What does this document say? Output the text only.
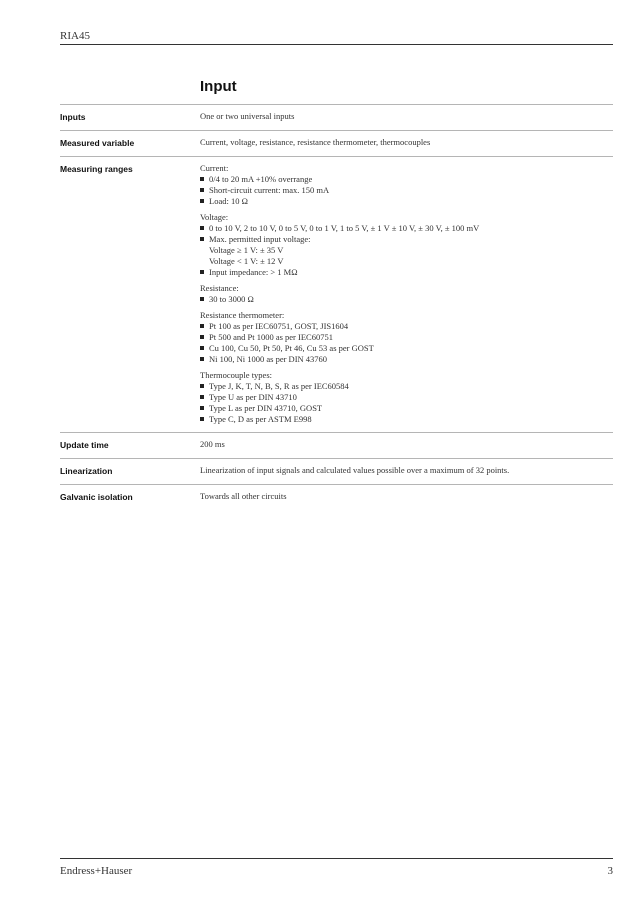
RIA45
Input
Inputs	One or two universal inputs
Measured variable	Current, voltage, resistance, resistance thermometer, thermocouples
Measuring ranges	Current:
0/4 to 20 mA +10% overrange
Short-circuit current: max. 150 mA
Load: 10 Ω
Voltage:
0 to 10 V, 2 to 10 V, 0 to 5 V, 0 to 1 V, 1 to 5 V, ± 1 V ± 10 V, ± 30 V, ± 100 mV
Max. permitted input voltage:
Voltage ≥ 1 V: ± 35 V
Voltage < 1 V: ± 12 V
Input impedance: > 1 MΩ
Resistance:
30 to 3000 Ω
Resistance thermometer:
Pt 100 as per IEC60751, GOST, JIS1604
Pt 500 and Pt 1000 as per IEC60751
Cu 100, Cu 50, Pt 50, Pt 46, Cu 53 as per GOST
Ni 100, Ni 1000 as per DIN 43760
Thermocouple types:
Type J, K, T, N, B, S, R as per IEC60584
Type U as per DIN 43710
Type L as per DIN 43710, GOST
Type C, D as per ASTM E998
Update time	200 ms
Linearization	Linearization of input signals and calculated values possible over a maximum of 32 points.
Galvanic isolation	Towards all other circuits
Endress+Hauser	3
